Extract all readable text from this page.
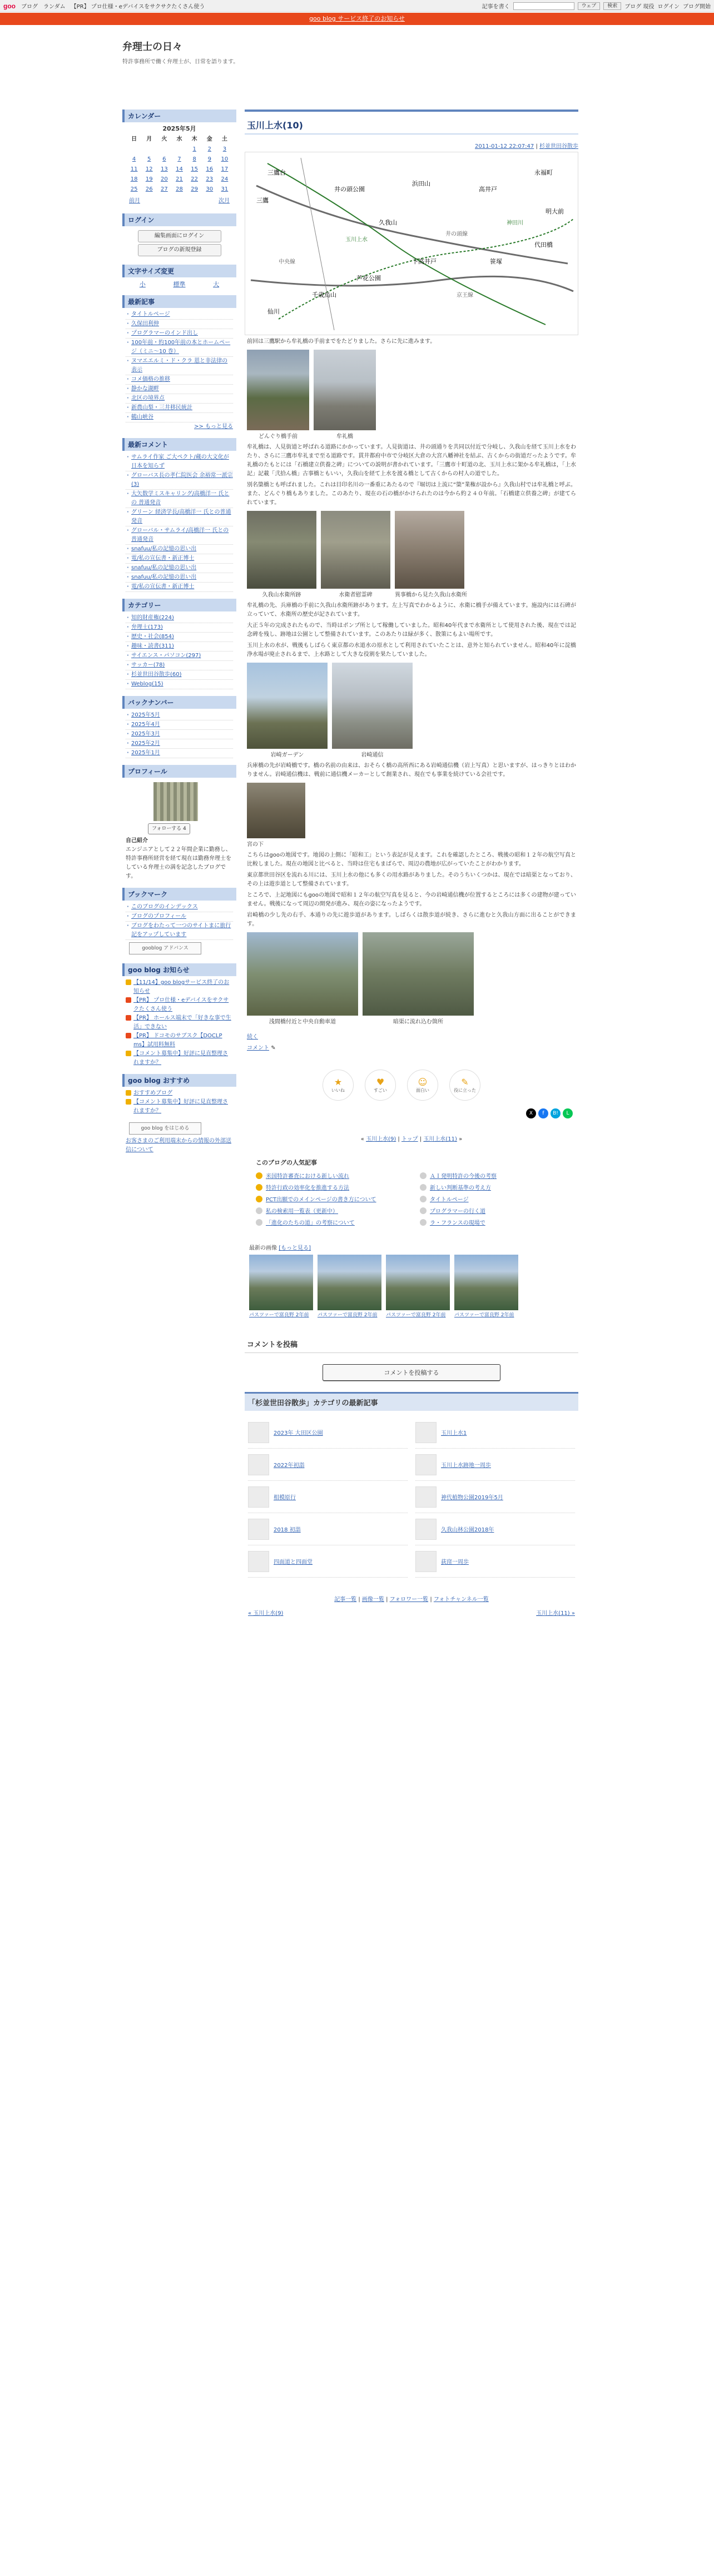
goo ブログ ランダム 【PR】 プロ仕様・eデバイスをサクサクたくさん使う	記事を書く	ウェブ	検索	ブログ 現役 ログイン ブログ開始
goo blog サービス終了のお知らせ
弁理士の日々
特許事務所で働く弁理士が、日常を語ります。
カレンダー
2025年5月
日	月	火	水	木	金	土
				1	2	3
4	5	6	7	8	9	10
11	12	13	14	15	16	17
18	19	20	21	22	23	24
25	26	27	28	29	30	31
前月	次月
ログイン
編集画面にログイン
ブログの新規登録
文字サイズ変更
小	標準	大
最新記事
· タイトルページ
· 久保田利伸
· プログラマーのインド出し
· 100年前・約100年前の本とホームページ（ミニ～10 巻）
· ヌマエエルミ・ド・クラ 恩と非法律の表示
· コメ価格の推移
· 静かな湖畔
· 北区の境界点
· 新農山梨・三井移民統計
· 鶴山峡谷
>> もっと見る
最新コメント
· サムライ作家 ご大ペクト/蔵の大文化が日本を知らず
· グローバス長の孝仁院医会 余裕常一派宗(3)
· 大矢数学ミスキャリング/高橋洋一 氏との 普通発音
· グリーン 経済学長/高橋洋一 氏との普通発音
· グローバル・サムライ/高橋洋一 氏との 普通発音
· snafuu/私の記憶の思い出
· 電/私の宣伝書・新正博士
· snafuu/私の記憶の思い出
· snafuu/私の記憶の思い出
· 電/私の宣伝書・新正博士
カテゴリー
· 知的財産権(224)
· 弁理士(173)
· 歴史・社会(854)
· 趣味・読書(311)
· サイエンス・パソコン(297)
· サッカー(78)
· 杉並世田谷散歩(60)
· Weblog(15)
バックナンバー
· 2025年5月
· 2025年4月
· 2025年3月
· 2025年2月
· 2025年1月
プロフィール
フォローする 4
自己紹介
エンジニアとして２２年間企業に勤務し、特許事務所経営を経て現在は勤務弁理士をしている弁理士の満を記念したブログです。
ブックマーク
· このブログのインデックス
· ブログのプロフィール
· ブログをわたって一つのサイトまに旅行記をアップしています
gooblog アドバンス
goo blog お知らせ
【11/14】goo blogサービス終了のお知らせ
【PR】 プロ仕様・eデバイスをサクサクたくさん使う
【PR】 ホールス端末で「好きな事で生活」できない
【PR】 ドコモのサブスク【DOCLP ms】試用料無料
【コメント募集中】好評に見直整理されますか？
goo blog おすすめ
おすすめブログ
【コメント募集中】好評に見直整理されますか？
goo blog をはじめる
お客さまのご利用端末からの情報の外部送信について
玉川上水(10)
2011-01-12 22:07:47 | 杉並世田谷散歩
三鷹台
三鷹
井の頭公園
久我山
浜田山
高井戸
永福町
明大前
代田橋
笹塚
下高井戸
芦花公園
千歳烏山
仙川
京王線
井の頭線
玉川上水
神田川
中央線

前回は三鷹駅から牟礼橋の手前までをたどりました。さらに先に進みます。

どんぐり橋手前	牟礼橋

牟礼橋は、人見街道と呼ばれる道路にかかっています。人見街道は、井の頭通りを共同以付近で分岐し、久我山を経て玉川上水をわたり、さらに三鷹市牟礼まで至る道路です。貫井都府中市で分岐区大倉の大宮八幡神社を結ぶ、古くからの街道だったようです。牟礼橋のたもとには「石橋建立供養之碑」についての説明が書かれています。「三鷹市十町道の北、玉川上水に架かる牟礼橋は，「上水記」記載「弐拾ん橋」古事橋ともいい，久我山を経て上水を渡る橋として古くからの村人の道でした。

別名簗橋とも呼ばれました。これは目印名川の一番重にあたるので『堀切は上流に“簗”業権が設から』久我山村では牟礼橋と呼ぶ。また、どんぐり橋もありました。このあたり、現在の石の橋がかけられたのは今から約２４０年前。「石橋建立供養之碑」が建てられています。

久我山水衛所跡	水衛者慰霊碑	異事橋から見た久我山水衛所

牟礼橋の先、兵庫橋の手前に久我山水衛所跡があります。左上写真でわかるように、水衛に橋手が備えています。施設内には石碑が立っていて、水衛所の歴史が記されています。

大正５年の完成されたもので、当時はポンプ所として稼働していました。昭和40年代まで水衛所として使用された後、現在では記念碑を残し、跡地は公園として整備されています。このあたりは緑が多く、散策にもよい場所です。

玉川上水の水が、戦後もしばらく東京都の水道水の原水として利用されていたことは、意外と知られていません。昭和40年に淀橋浄水場が廃止されるまで、上水路として大きな役割を果たしていました。

岩崎ガーデン	岩崎通信

兵庫橋の先が岩崎橋です。橋の名前の由来は、おそらく橋の高所西にある岩崎通信機（岩上写真）と思いますが、はっきりとはわかりません。岩崎通信機は、戦前に通信機メーカーとして創業され、現在でも事業を続けている会社です。

宮の下

こちらはgooの地図です。地図の上側に「昭和工」という表記が見えます。これを確認したところ、戦後の昭和１２年の航空写真と比較しました。現在の地図と比べると、当時は住宅もまばらで、周辺の農地が広がっていたことがわかります。

東京都世田谷区を流れる川には、玉川上水の他にも多くの用水路がありました。そのうちいくつかは、現在では暗渠となっており、その上は遊歩道として整備されています。

ところで、上記地図にもgooの地図で昭和１２年の航空写真を見ると、今の岩崎通信機が位置するところには多くの建物が建っていません。戦後になって周辺の開発が進み、現在の姿になったようです。

岩崎橋の少し先の右手、本通りの先に遊歩道があります。しばらくは散歩道が続き、さらに進むと久我山方面に出ることができます。

浅間橋付近と中央自動車道	暗渠に流れ込む箇所

続く

コメント ✎

★
いいね
♥
すごい
☺
面白い
✎
役に立った
X	f	B!	L
« 玉川上水(9) | トップ | 玉川上水(11) »
このブログの人気記事
米国特許審査における新しい流れ	ＡＩ発明特許の今後の考察
特許行政の効率化を推進する方法	新しい判断基準の考え方
PCT出願でのメインページの書き方について	タイトルページ
私の検索用一覧表（更新中）	プログラマーの行く道
「進化のたちの道」の考察について	ラ・フランスの現場で
最新の画像 [もっと見る]
パスツァーで富良野 2年前	パスツァーで富良野 2年前	パスツァーで富良野 2年前	パスツァーで富良野 2年前
コメントを投稿
コメントを投稿する
「杉並世田谷散歩」カテゴリの最新記事
2023年 大田区公園	玉川上水1
2022年初詣	玉川上水跡地一周歩
相模原行	神代植物公園2019年5月
2018 初詣	久我山林公園2018年
四面道と四面堂	荻窪一周歩
記事一覧 | 画像一覧 | フォロワー一覧 | フォトチャンネル一覧
« 玉川上水(9)	玉川上水(11) »
